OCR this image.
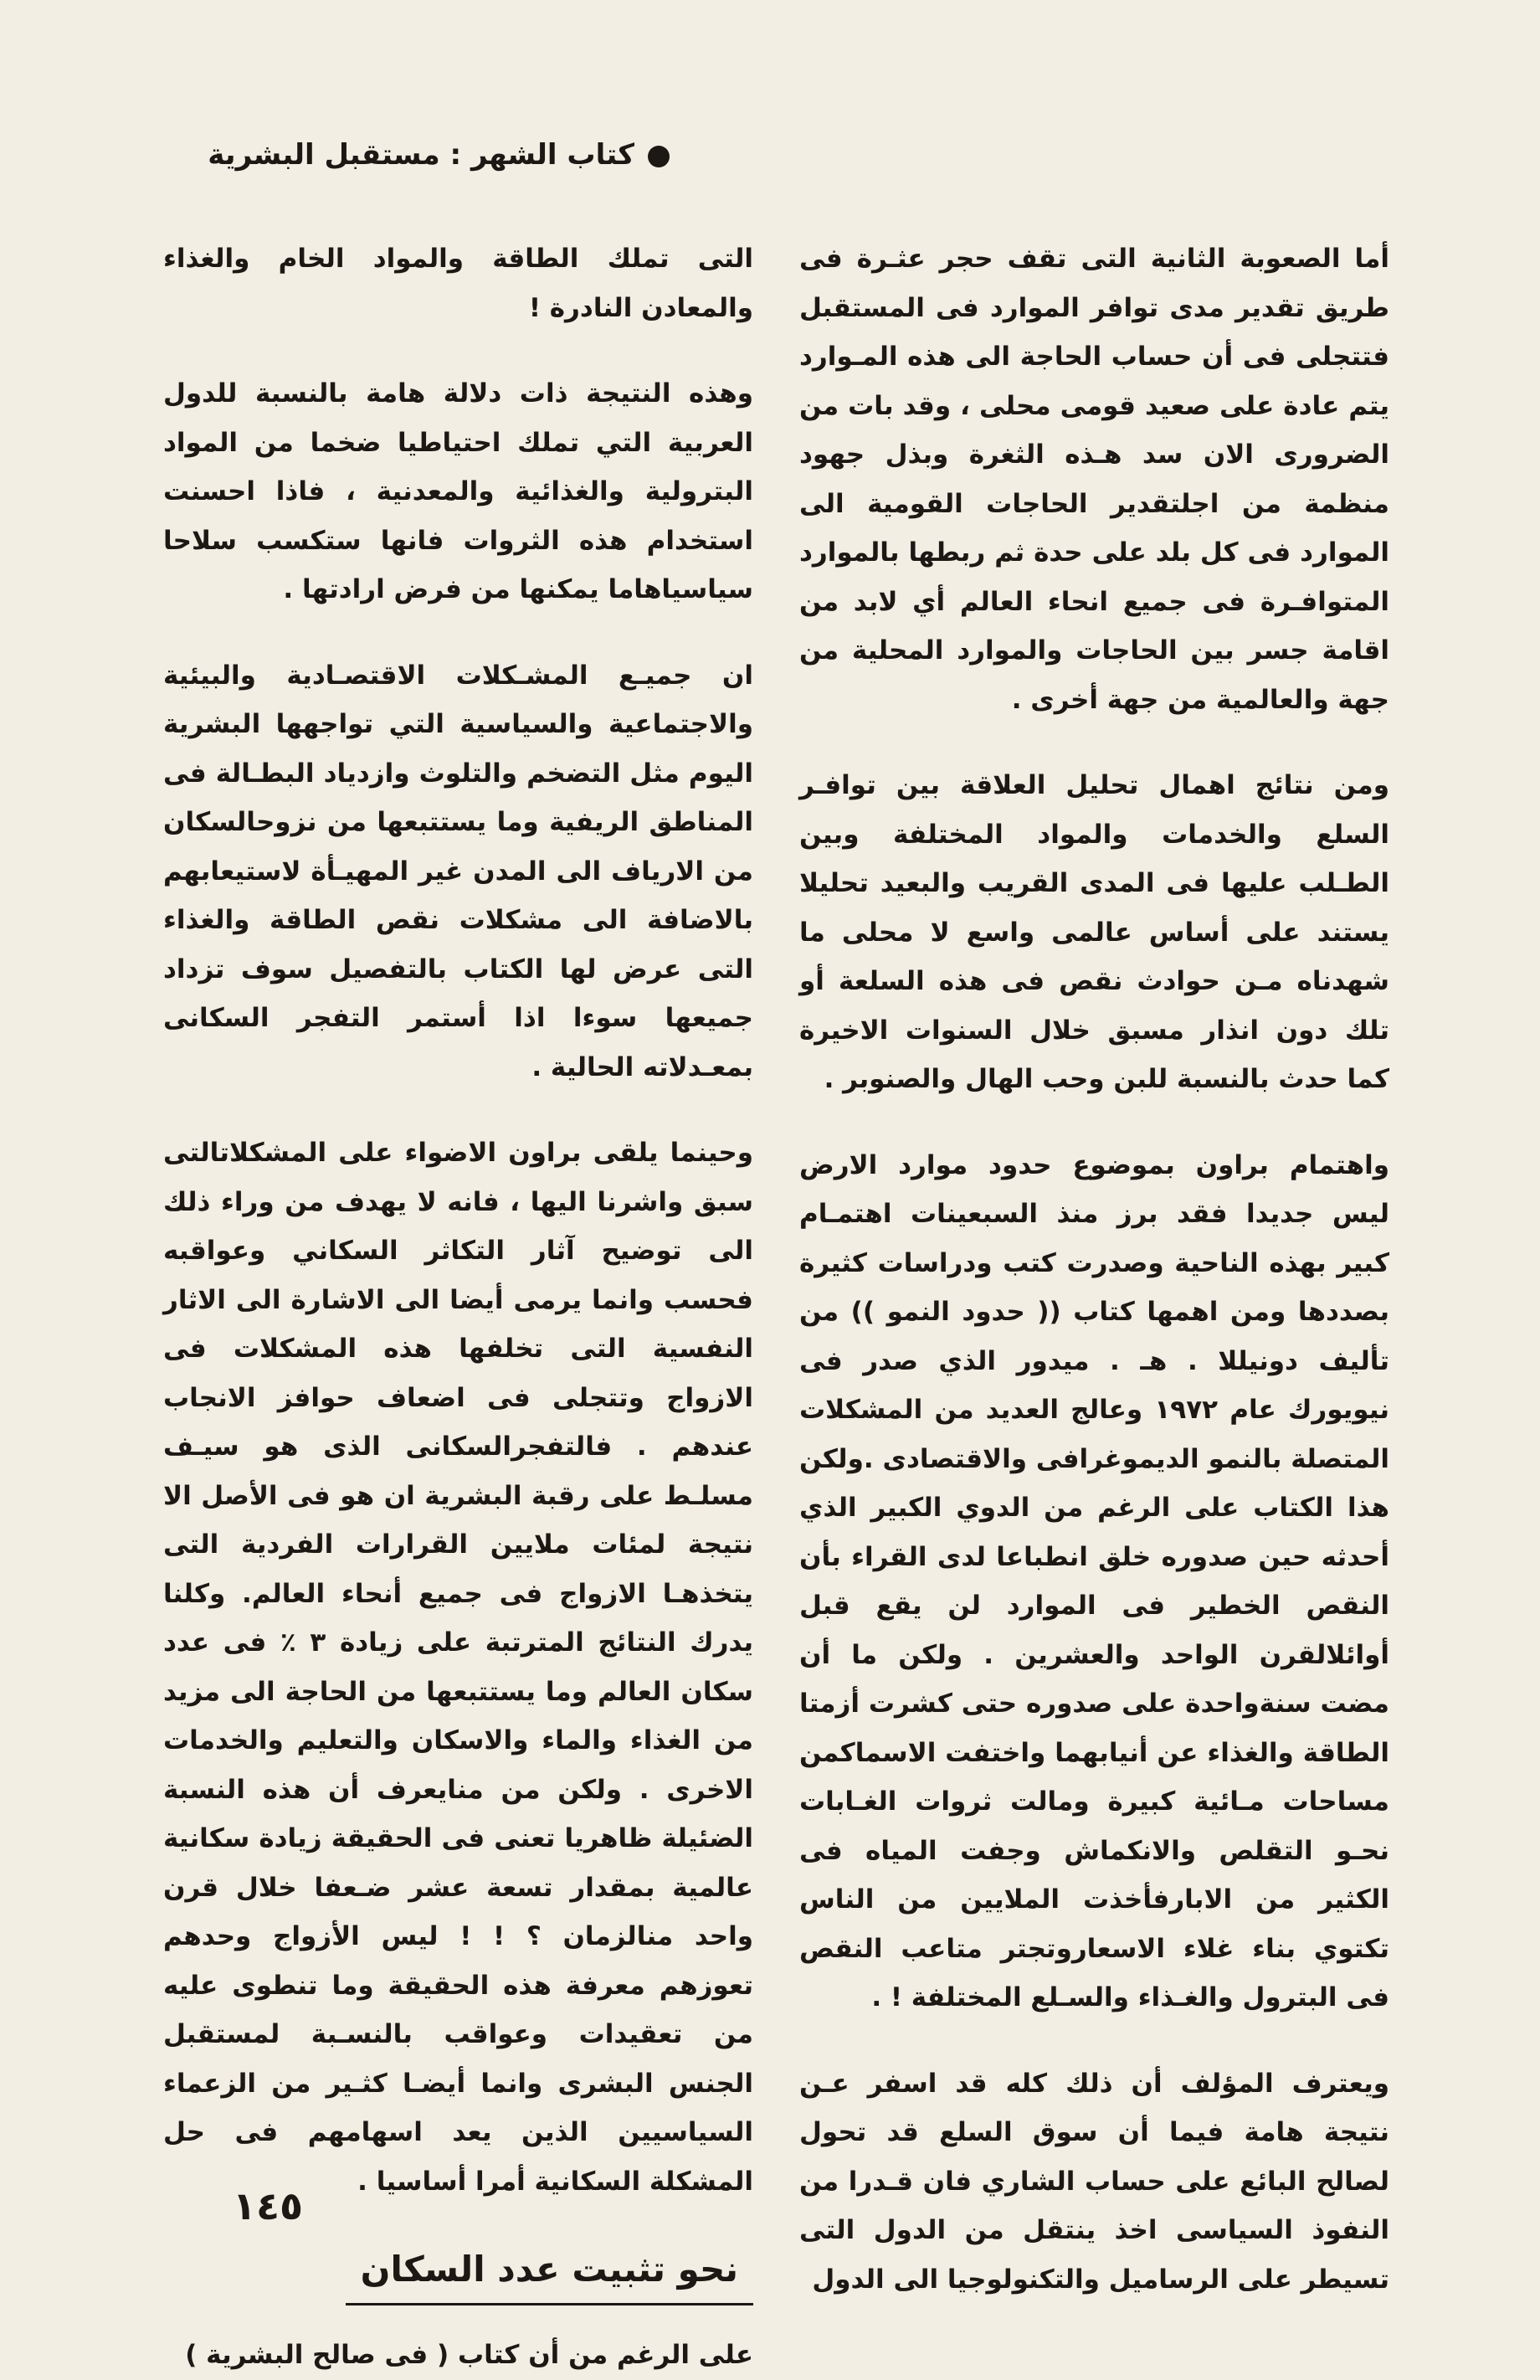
كتاب الشهر : مستقبل البشرية

أما الصعوبة الثانية التى تقف حجر عثـرة فى طريق تقدير مدى توافر الموارد فى المستقبل فتتجلى فى أن حساب الحاجة الى هذه المـوارد يتم عادة على صعيد قومى محلى ، وقد بات من الضرورى الان سد هـذه الثغرة وبذل جهود منظمة من اجلتقدير الحاجات القومية الى الموارد فى كل بلد على حدة ثم ربطها بالموارد المتوافـرة فى جميع انحاء العالم أي لابد من اقامة جسر بين الحاجات والموارد المحلية من جهة والعالمية من جهة أخرى .

ومن نتائج اهمال تحليل العلاقة بين توافـر السلع والخدمات والمواد المختلفة وبين الطـلب عليها فى المدى القريب والبعيد تحليلا يستند على أساس عالمى واسع لا محلى ما شهدناه مـن حوادث نقص فى هذه السلعة أو تلك دون انذار مسبق خلال السنوات الاخيرة كما حدث بالنسبة للبن وحب الهال والصنوبر .

واهتمام براون بموضوع حدود موارد الارض ليس جديدا فقد برز منذ السبعينات اهتمـام كبير بهذه الناحية وصدرت كتب ودراسات كثيرة بصددها ومن اهمها كتاب (( حدود النمو )) من تأليف دونيللا . هـ . ميدور الذي صدر فى نيويورك عام ١٩٧٢ وعالج العديد من المشكلات المتصلة بالنمو الديموغرافى والاقتصادى .ولكن هذا الكتاب على الرغم من الدوي الكبير الذي أحدثه حين صدوره خلق انطباعا لدى القراء بأن النقص الخطير فى الموارد لن يقع قبل أوائلالقرن الواحد والعشرين . ولكن ما أن مضت سنةواحدة على صدوره حتى كشرت أزمتا الطاقة والغذاء عن أنيابهما واختفت الاسماكمن مساحات مـائية كبيرة ومالت ثروات الغـابات نحـو التقلص والانكماش وجفت المياه فى الكثير من الابارفأخذت الملايين من الناس تكتوي بناء غلاء الاسعاروتجتر متاعب النقص فى البترول والغـذاء والسـلع المختلفة ! .

ويعترف المؤلف أن ذلك كله قد اسفر عـن نتيجة هامة فيما أن سوق السلع قد تحول لصالح البائع على حساب الشاري فان قـدرا من النفوذ السياسى اخذ ينتقل من الدول التى تسيطر على الرساميل والتكنولوجيا الى الدول

التى تملك الطاقة والمواد الخام والغذاء والمعادن النادرة !

وهذه النتيجة ذات دلالة هامة بالنسبة للدول العربية التي تملك احتياطيا ضخما من المواد البترولية والغذائية والمعدنية ، فاذا احسنت استخدام هذه الثروات فانها ستكسب سلاحا سياسياهاما يمكنها من فرض ارادتها .

ان جميـع المشـكلات الاقتصـادية والبيئية والاجتماعية والسياسية التي تواجهها البشرية اليوم مثل التضخم والتلوث وازدياد البطـالة فى المناطق الريفية وما يستتبعها من نزوحالسكان من الارياف الى المدن غير المهيـأة لاستيعابهم بالاضافة الى مشكلات نقص الطاقة والغذاء التى عرض لها الكتاب بالتفصيل سوف تزداد جميعها سوءا اذا أستمر التفجر السكانى بمعـدلاته الحالية .

وحينما يلقى براون الاضواء على المشكلاتالتى سبق واشرنا اليها ، فانه لا يهدف من وراء ذلك الى توضيح آثار التكاثر السكاني وعواقبه فحسب وانما يرمى أيضا الى الاشارة الى الاثار النفسية التى تخلفها هذه المشكلات فى الازواج وتتجلى فى اضعاف حوافز الانجاب عندهم . فالتفجرالسكانى الذى هو سيـف مسلـط على رقبة البشرية ان هو فى الأصل الا نتيجة لمئات ملايين القرارات الفردية التى يتخذهـا الازواج فى جميع أنحاء العالم. وكلنا يدرك النتائج المترتبة على زيادة ٣ ٪ فى عدد سكان العالم وما يستتبعها من الحاجة الى مزيد من الغذاء والماء والاسكان والتعليم والخدمات الاخرى . ولكن من منايعرف أن هذه النسبة الضئيلة ظاهريا تعنى فى الحقيقة زيادة سكانية عالمية بمقدار تسعة عشر ضـعفا خلال قرن واحد منالزمان ؟ ! ! ليس الأزواج وحدهم تعوزهم معرفة هذه الحقيقة وما تنطوى عليه من تعقيدات وعواقب بالنسـبة لمستقبل الجنس البشرى وانما أيضـا كثـير من الزعماء السياسيين الذين يعد اسهامهم فى حل المشكلة السكانية أمرا أساسيا .

نحو تثبيت عدد السكان

على الرغم من أن كتاب ( فى صالح البشرية )

١٤٥
